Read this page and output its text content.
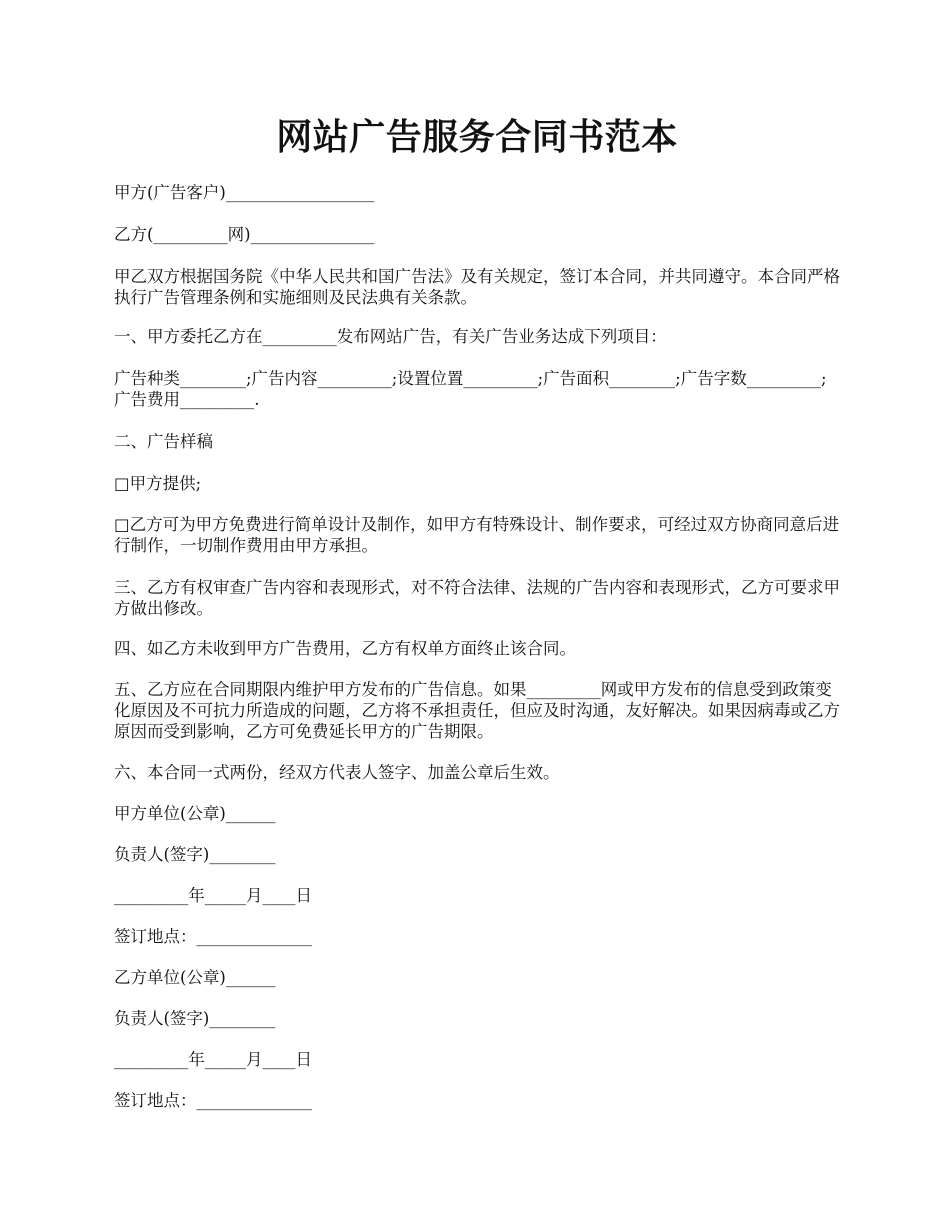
网站广告服务合同书范本
甲方(广告客户)__________________
乙方(_________网)_______________
甲乙双方根据国务院《中华人民共和国广告法》及有关规定，签订本合同，并共同遵守。本合同严格执行广告管理条例和实施细则及民法典有关条款。
一、甲方委托乙方在_________发布网站广告，有关广告业务达成下列项目：
广告种类________;广告内容_________;设置位置_________;广告面积________;广告字数_________;广告费用_________.
二、广告样稿
□甲方提供;
□乙方可为甲方免费进行简单设计及制作，如甲方有特殊设计、制作要求，可经过双方协商同意后进行制作，一切制作费用由甲方承担。
三、乙方有权审查广告内容和表现形式，对不符合法律、法规的广告内容和表现形式，乙方可要求甲方做出修改。
四、如乙方未收到甲方广告费用，乙方有权单方面终止该合同。
五、乙方应在合同期限内维护甲方发布的广告信息。如果_________网或甲方发布的信息受到政策变化原因及不可抗力所造成的问题，乙方将不承担责任，但应及时沟通，友好解决。如果因病毒或乙方原因而受到影响，乙方可免费延长甲方的广告期限。
六、本合同一式两份，经双方代表人签字、加盖公章后生效。
甲方单位(公章)______
负责人(签字)________
_________年_____月____日
签订地点：______________
乙方单位(公章)______
负责人(签字)________
_________年_____月____日
签订地点：______________
